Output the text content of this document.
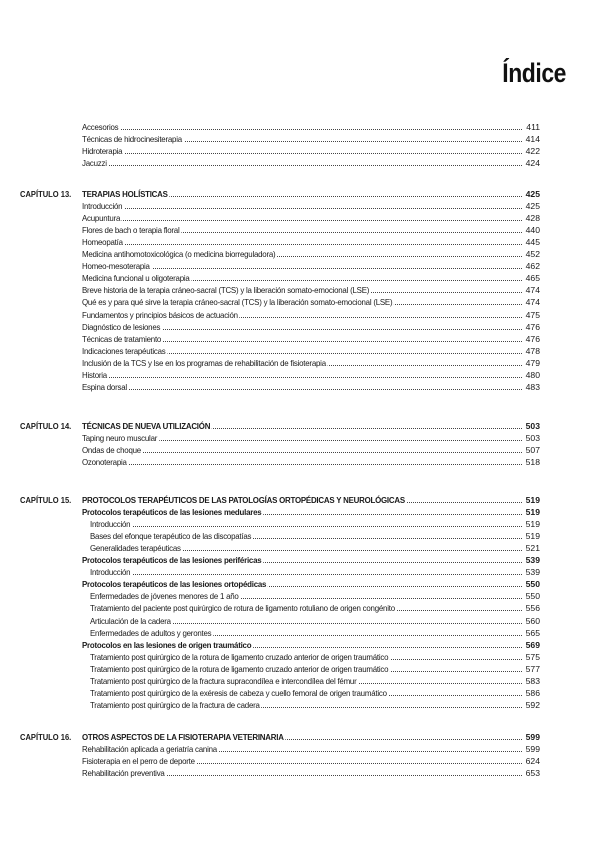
Índice
Accesorios	411
Técnicas de hidrocinesiterapia	414
Hidroterapia	422
Jacuzzi	424
CAPÍTULO 13. TERAPIAS HOLÍSTICAS	425
Introducción	425
Acupuntura	428
Flores de bach o terapia floral	440
Homeopatía	445
Medicina antihomotoxicológica (o medicina biorreguladora)	452
Homeo-mesoterapia	462
Medicina funcional u oligoterapia	465
Breve historia de la terapia cráneo-sacral (TCS) y la liberación somato-emocional (LSE)	474
Qué es y para qué sirve la terapia cráneo-sacral (TCS) y la liberación somato-emocional (LSE)	474
Fundamentos y principios básicos de actuación	475
Diagnóstico de lesiones	476
Técnicas de tratamiento	476
Indicaciones terapéuticas	478
Inclusión de la TCS y lse en los programas de rehabilitación de fisioterapia	479
Historia	480
Espina dorsal	483
CAPÍTULO 14. TÉCNICAS DE NUEVA UTILIZACIÓN	503
Taping neuro muscular	503
Ondas de choque	507
Ozonoterapia	518
CAPÍTULO 15. PROTOCOLOS TERAPÉUTICOS DE LAS PATOLOGÍAS ORTOPÉDICAS Y NEUROLÓGICAS	519
Protocolos terapéuticos de las lesiones medulares	519
Introducción	519
Bases del efonque terapéutico de las discopatías	519
Generalidades terapéuticas	521
Protocolos terapéuticos de las lesiones periféricas	539
Introducción	539
Protocolos terapéuticos de las lesiones ortopédicas	550
Enfermedades de jóvenes menores de 1 año	550
Tratamiento del paciente post quirúrgico de rotura de ligamento rotuliano de origen congénito	556
Articulación de la cadera	560
Enfermedades de adultos y gerontes	565
Protocolos en las lesiones de origen traumático	569
Tratamiento post quirúrgico de la rotura de ligamento cruzado anterior de origen traumático	575
Tratamiento post quirúrgico de la rotura de ligamento cruzado anterior de origen traumático	577
Tratamiento post quirúrgico de la fractura supracondílea e intercondílea del fémur	583
Tratamiento post quirúrgico de la exéresis de cabeza y cuello femoral de origen traumático	586
Tratamiento post quirúrgico de la fractura de cadera	592
CAPÍTULO 16. OTROS ASPECTOS DE LA FISIOTERAPIA VETERINARIA	599
Rehabilitación aplicada a geriatría canina	599
Fisioterapia en el perro de deporte	624
Rehabilitación preventiva	653
